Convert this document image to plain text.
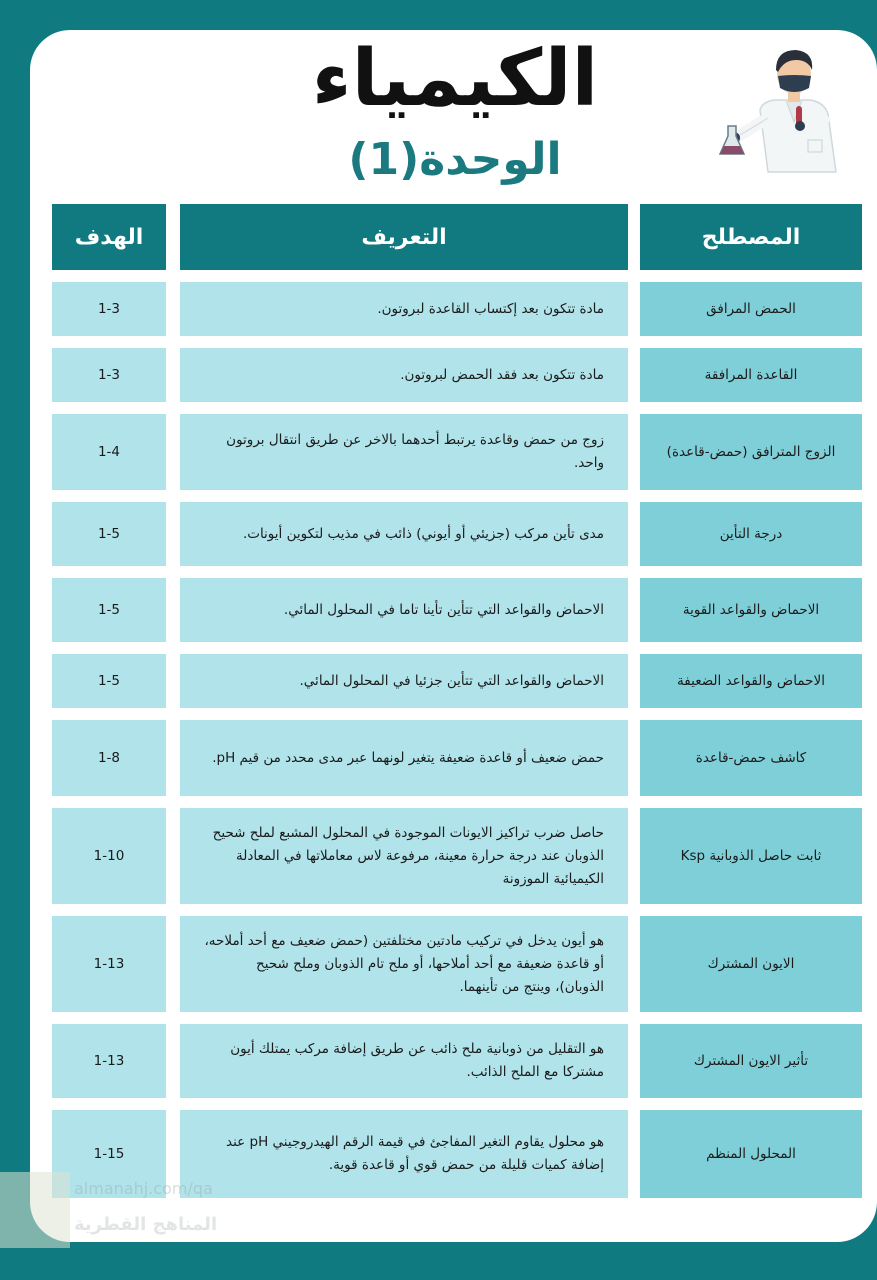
الكيمياء
الوحدة(1)
المصطلح
التعريف
الهدف
الحمض المرافق
مادة تتكون بعد إكتساب القاعدة لبروتون.
1-3
القاعدة المرافقة
مادة تتكون بعد فقد الحمض لبروتون.
1-3
الزوج المترافق (حمض-قاعدة)
زوج من حمض وقاعدة يرتبط أحدهما بالاخر عن طريق انتقال بروتون واحد.
1-4
درجة التأين
مدى تأين مركب (جزيئي أو أيوني) ذائب في مذيب لتكوين أيونات.
1-5
الاحماض والقواعد القوية
الاحماض والقواعد التي تتأين تأينا تاما في المحلول المائي.
1-5
الاحماض والقواعد الضعيفة
الاحماض والقواعد التي تتأين جزئيا في المحلول المائي.
1-5
كاشف حمض-قاعدة
حمض ضعيف أو قاعدة ضعيفة يتغير لونهما عبر مدى محدد من قيم pH.
1-8
ثابت حاصل الذوبانية Ksp
حاصل ضرب تراكيز الايونات الموجودة في المحلول المشبع لملح شحيح الذوبان عند درجة حرارة معينة، مرفوعة لاس معاملاتها في المعادلة الكيميائية الموزونة
1-10
الايون المشترك
هو أيون يدخل في تركيب مادتين مختلفتين (حمض ضعيف مع أحد أملاحه، أو قاعدة ضعيفة مع أحد أملاحها، أو ملح تام الذوبان وملح شحيح الذوبان)، وينتج من تأينهما.
1-13
تأثير الايون المشترك
هو التقليل من ذوبانية ملح ذائب عن طريق إضافة مركب يمتلك أيون مشتركا مع الملح الذائب.
1-13
المحلول المنظم
هو محلول يقاوم التغير المفاجئ في قيمة الرقم الهيدروجيني pH عند إضافة كميات قليلة من حمض قوي أو قاعدة قوية.
1-15
almanahj.com/qa
المناهج القطرية
